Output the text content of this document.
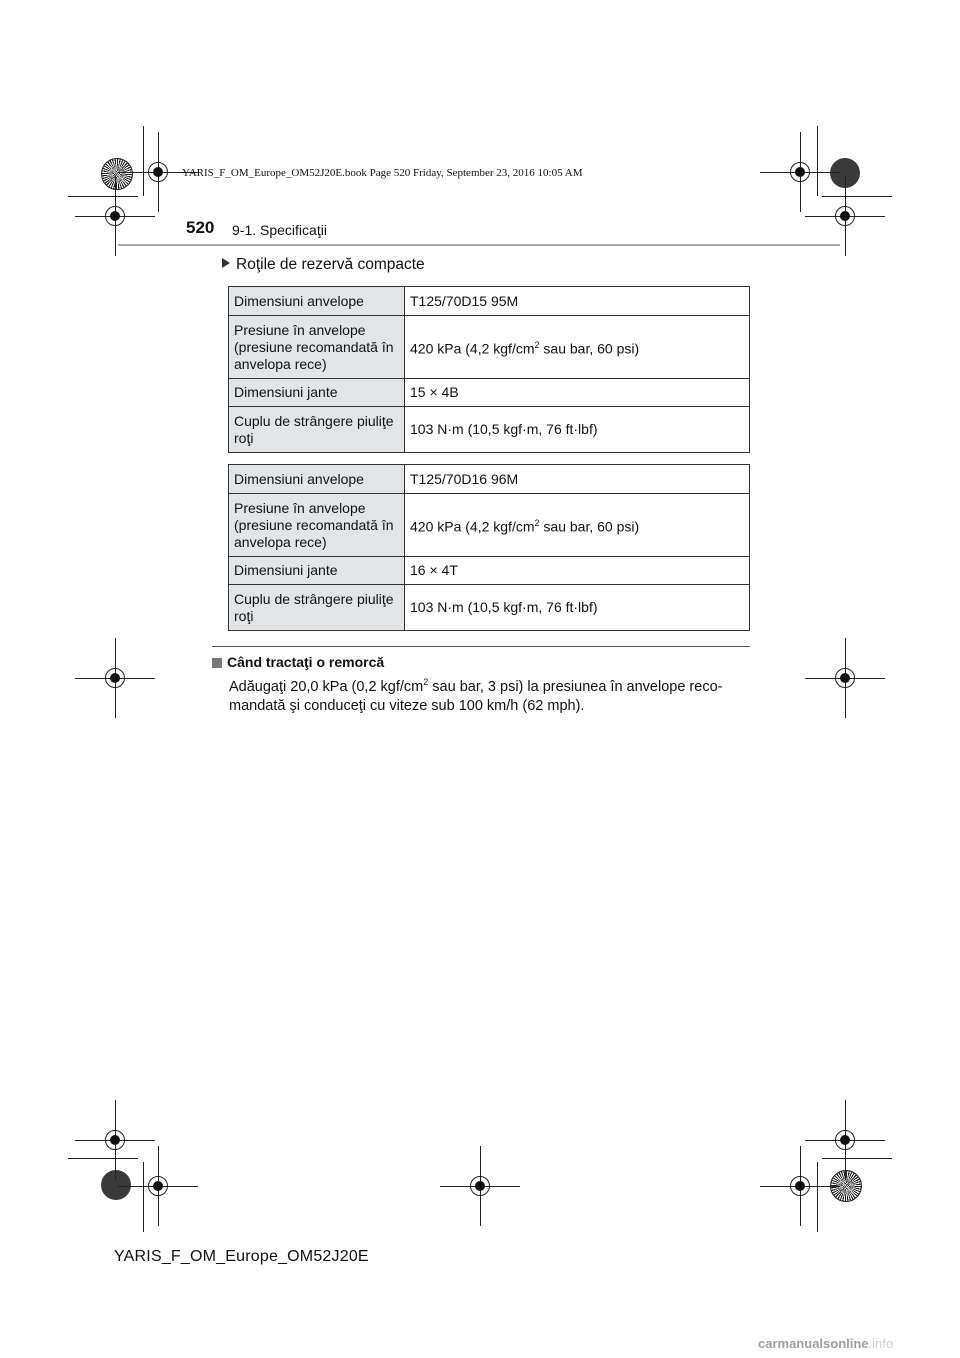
YARIS_F_OM_Europe_OM52J20E.book Page 520 Friday, September 23, 2016 10:05 AM
520 9-1. Specificaţii
Roţile de rezervă compacte
Dimensiuni anvelope	T125/70D15 95M
Presiune în anvelope (presiune recomandată în anvelopa rece)	420 kPa (4,2 kgf/$cm^2$ sau bar, 60 psi)
Dimensiuni jante	15 × 4B
Cuplu de strângere piuliţe roţi	103 N·m (10,5 kgf·m, 76 ft·lbf)
Dimensiuni anvelope	T125/70D16 96M
Presiune în anvelope (presiune recomandată în anvelopa rece)	420 kPa (4,2 kgf/$cm^2$ sau bar, 60 psi)
Dimensiuni jante	16 × 4T
Cuplu de strângere piuliţe roţi	103 N·m (10,5 kgf·m, 76 ft·lbf)
Când tractaţi o remorcă
Adăugaţi 20,0 kPa (0,2 kgf/$cm^2$ sau bar, 3 psi) la presiunea în anvelope reco-mandată şi conduceţi cu viteze sub 100 km/h (62 mph).
YARIS_F_OM_Europe_OM52J20E
carmanualsonline.info
